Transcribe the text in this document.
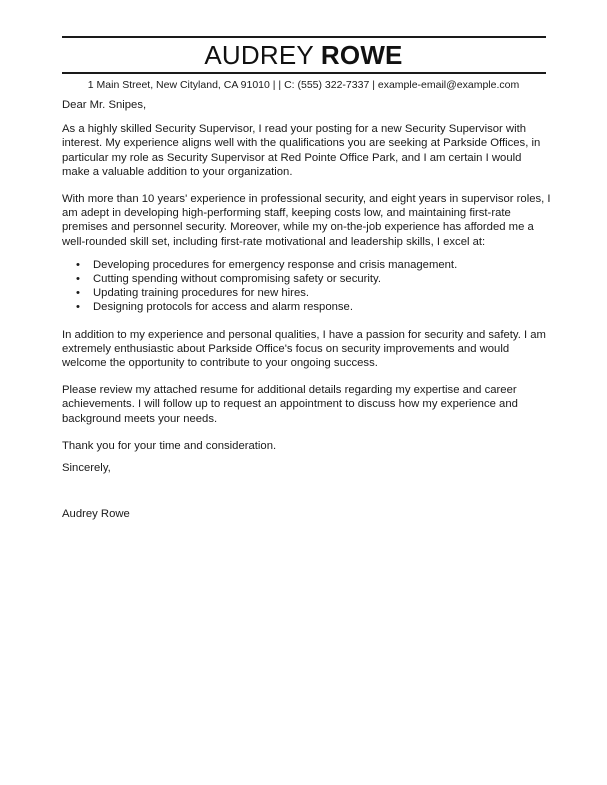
AUDREY ROWE
1 Main Street, New Cityland, CA 91010 | | C: (555) 322-7337 | example-email@example.com

Dear Mr. Snipes,

As a highly skilled Security Supervisor, I read your posting for a new Security Supervisor with interest. My experience aligns well with the qualifications you are seeking at Parkside Offices, in particular my role as Security Supervisor at Red Pointe Office Park, and I am certain I would make a valuable addition to your organization.

With more than 10 years' experience in professional security, and eight years in supervisor roles, I am adept in developing high-performing staff, keeping costs low, and maintaining first-rate premises and personnel security. Moreover, while my on-the-job experience has afforded me a well-rounded skill set, including first-rate motivational and leadership skills, I excel at:

• Developing procedures for emergency response and crisis management.
• Cutting spending without compromising safety or security.
• Updating training procedures for new hires.
• Designing protocols for access and alarm response.

In addition to my experience and personal qualities, I have a passion for security and safety. I am extremely enthusiastic about Parkside Office's focus on security improvements and would welcome the opportunity to contribute to your ongoing success.

Please review my attached resume for additional details regarding my expertise and career achievements. I will follow up to request an appointment to discuss how my experience and background meets your needs.

Thank you for your time and consideration.

Sincerely,

Audrey Rowe
